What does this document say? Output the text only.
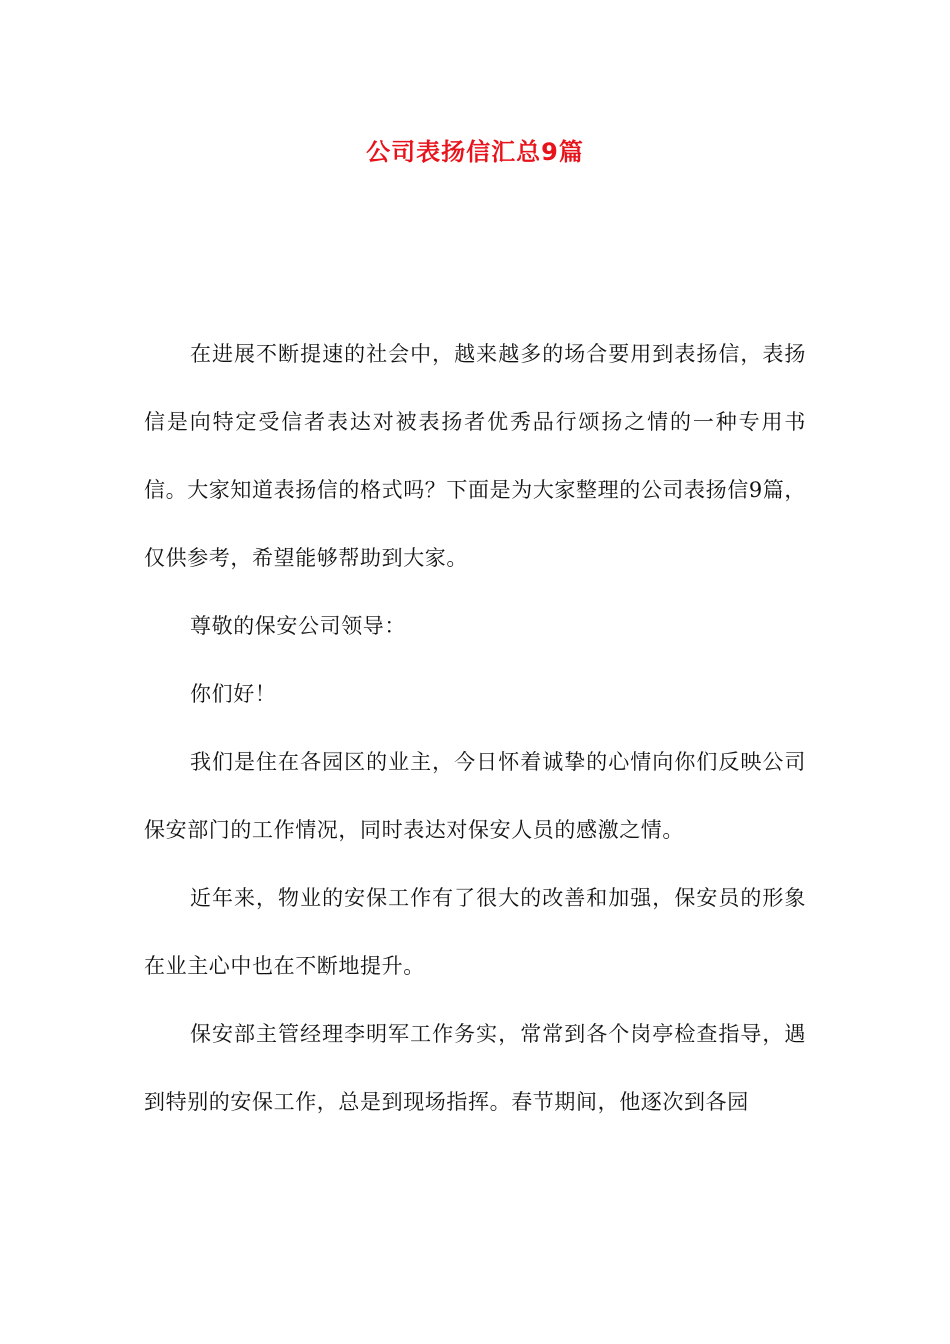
公司表扬信汇总9篇

在进展不断提速的社会中，越来越多的场合要用到表扬信，表扬信是向特定受信者表达对被表扬者优秀品行颂扬之情的一种专用书信。大家知道表扬信的格式吗？下面是为大家整理的公司表扬信9篇，仅供参考，希望能够帮助到大家。

尊敬的保安公司领导：

你们好！

我们是住在各园区的业主，今日怀着诚挚的心情向你们反映公司保安部门的工作情况，同时表达对保安人员的感激之情。

近年来，物业的安保工作有了很大的改善和加强，保安员的形象在业主心中也在不断地提升。

保安部主管经理李明军工作务实，常常到各个岗亭检查指导，遇到特别的安保工作，总是到现场指挥。春节期间，他逐次到各园
